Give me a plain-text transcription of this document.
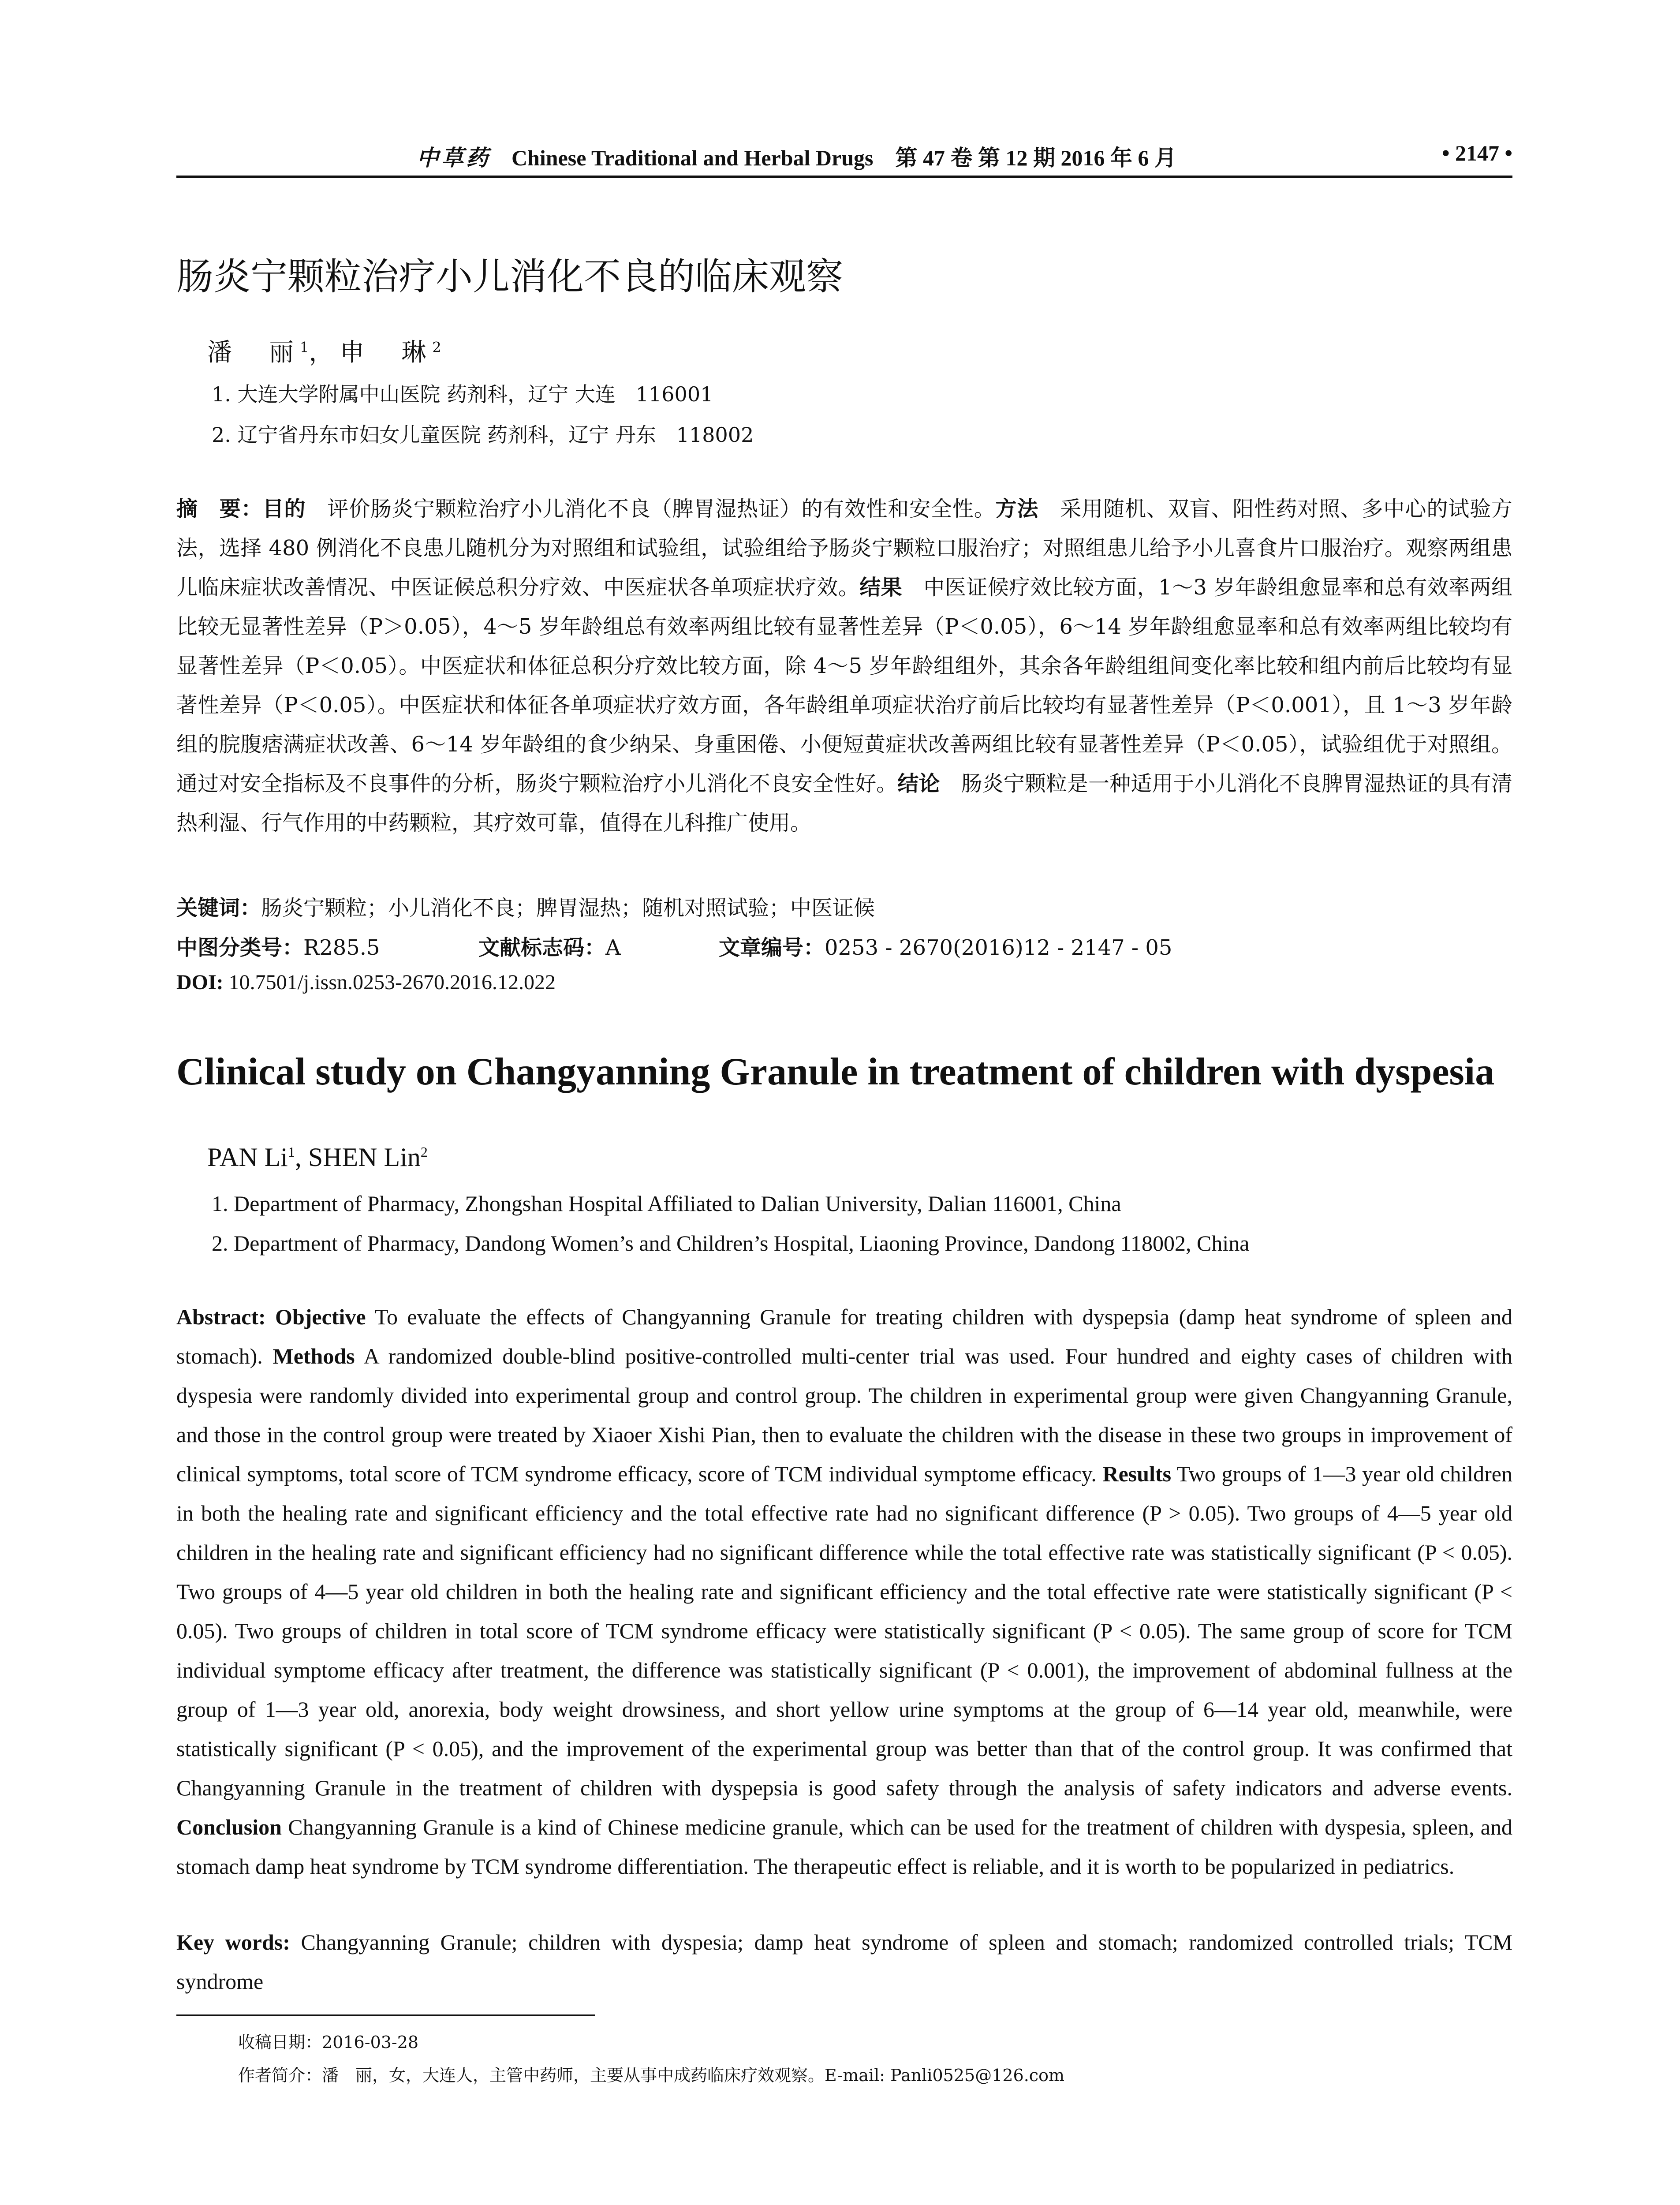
中草药 Chinese Traditional and Herbal Drugs　第 47 卷 第 12 期 2016 年 6 月	• 2147 •
肠炎宁颗粒治疗小儿消化不良的临床观察
潘　丽$^1$，申　琳$^2$
1. 大连大学附属中山医院 药剂科，辽宁 大连　116001
2. 辽宁省丹东市妇女儿童医院 药剂科，辽宁 丹东　118002
摘　要：目的　评价肠炎宁颗粒治疗小儿消化不良（脾胃湿热证）的有效性和安全性。方法　采用随机、双盲、阳性药对照、多中心的试验方法，选择 480 例消化不良患儿随机分为对照组和试验组，试验组给予肠炎宁颗粒口服治疗；对照组患儿给予小儿喜食片口服治疗。观察两组患儿临床症状改善情况、中医证候总积分疗效、中医症状各单项症状疗效。结果　中医证候疗效比较方面，1～3 岁年龄组愈显率和总有效率两组比较无显著性差异（P＞0.05），4～5 岁年龄组总有效率两组比较有显著性差异（P＜0.05），6～14 岁年龄组愈显率和总有效率两组比较均有显著性差异（P＜0.05）。中医症状和体征总积分疗效比较方面，除 4～5 岁年龄组组外，其余各年龄组组间变化率比较和组内前后比较均有显著性差异（P＜0.05）。中医症状和体征各单项症状疗效方面，各年龄组单项症状治疗前后比较均有显著性差异（P＜0.001），且 1～3 岁年龄组的脘腹痞满症状改善、6～14 岁年龄组的食少纳呆、身重困倦、小便短黄症状改善两组比较有显著性差异（P＜0.05），试验组优于对照组。通过对安全指标及不良事件的分析，肠炎宁颗粒治疗小儿消化不良安全性好。结论　肠炎宁颗粒是一种适用于小儿消化不良脾胃湿热证的具有清热利湿、行气作用的中药颗粒，其疗效可靠，值得在儿科推广使用。
关键词：肠炎宁颗粒；小儿消化不良；脾胃湿热；随机对照试验；中医证候
中图分类号：R285.5	文献标志码：A	文章编号：0253 - 2670(2016)12 - 2147 - 05
DOI: 10.7501/j.issn.0253-2670.2016.12.022
Clinical study on Changyanning Granule in treatment of children with dyspesia
PAN Li$^1$, SHEN Lin$^2$
1. Department of Pharmacy, Zhongshan Hospital Affiliated to Dalian University, Dalian 116001, China
2. Department of Pharmacy, Dandong Women’s and Children’s Hospital, Liaoning Province, Dandong 118002, China
Abstract: Objective To evaluate the effects of Changyanning Granule for treating children with dyspepsia (damp heat syndrome of spleen and stomach). Methods A randomized double-blind positive-controlled multi-center trial was used. Four hundred and eighty cases of children with dyspesia were randomly divided into experimental group and control group. The children in experimental group were given Changyanning Granule, and those in the control group were treated by Xiaoer Xishi Pian, then to evaluate the children with the disease in these two groups in improvement of clinical symptoms, total score of TCM syndrome efficacy, score of TCM individual symptome efficacy. Results Two groups of 1—3 year old children in both the healing rate and significant efficiency and the total effective rate had no significant difference (P > 0.05). Two groups of 4—5 year old children in the healing rate and significant efficiency had no significant difference while the total effective rate was statistically significant (P < 0.05). Two groups of 4—5 year old children in both the healing rate and significant efficiency and the total effective rate were statistically significant (P < 0.05). Two groups of children in total score of TCM syndrome efficacy were statistically significant (P < 0.05). The same group of score for TCM individual symptome efficacy after treatment, the difference was statistically significant (P < 0.001), the improvement of abdominal fullness at the group of 1—3 year old, anorexia, body weight drowsiness, and short yellow urine symptoms at the group of 6—14 year old, meanwhile, were statistically significant (P < 0.05), and the improvement of the experimental group was better than that of the control group. It was confirmed that Changyanning Granule in the treatment of children with dyspepsia is good safety through the analysis of safety indicators and adverse events. Conclusion Changyanning Granule is a kind of Chinese medicine granule, which can be used for the treatment of children with dyspesia, spleen, and stomach damp heat syndrome by TCM syndrome differentiation. The therapeutic effect is reliable, and it is worth to be popularized in pediatrics.
Key words: Changyanning Granule; children with dyspesia; damp heat syndrome of spleen and stomach; randomized controlled trials; TCM syndrome
收稿日期：2016-03-28
作者简介：潘　丽，女，大连人，主管中药师，主要从事中成药临床疗效观察。E-mail: Panli0525@126.com
